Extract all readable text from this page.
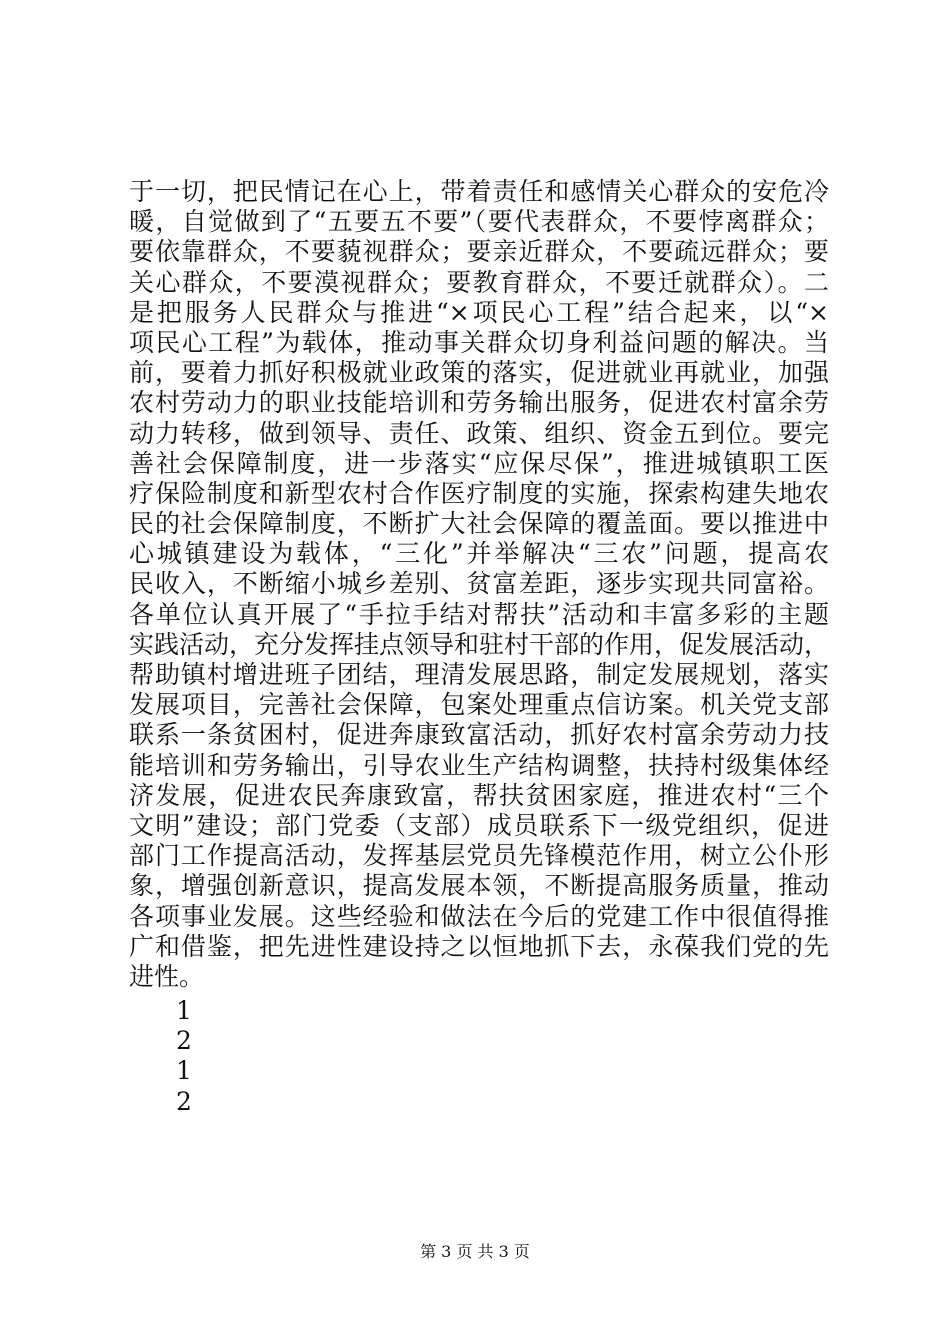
于一切，把民情记在心上，带着责任和感情关心群众的安危冷
暖，自觉做到了“五要五不要”（要代表群众，不要悖离群众；
要依靠群众，不要藐视群众；要亲近群众，不要疏远群众；要
关心群众，不要漠视群众；要教育群众，不要迁就群众）。二
是把服务人民群众与推进“×项民心工程”结合起来，以“×
项民心工程”为载体，推动事关群众切身利益问题的解决。当
前，要着力抓好积极就业政策的落实，促进就业再就业，加强
农村劳动力的职业技能培训和劳务输出服务，促进农村富余劳
动力转移，做到领导、责任、政策、组织、资金五到位。要完
善社会保障制度，进一步落实“应保尽保”，推进城镇职工医
疗保险制度和新型农村合作医疗制度的实施，探索构建失地农
民的社会保障制度，不断扩大社会保障的覆盖面。要以推进中
心城镇建设为载体，“三化”并举解决“三农”问题，提高农
民收入，不断缩小城乡差别、贫富差距，逐步实现共同富裕。
各单位认真开展了“手拉手结对帮扶”活动和丰富多彩的主题
实践活动，充分发挥挂点领导和驻村干部的作用，促发展活动，
帮助镇村增进班子团结，理清发展思路，制定发展规划，落实
发展项目，完善社会保障，包案处理重点信访案。机关党支部
联系一条贫困村，促进奔康致富活动，抓好农村富余劳动力技
能培训和劳务输出，引导农业生产结构调整，扶持村级集体经
济发展，促进农民奔康致富，帮扶贫困家庭，推进农村“三个
文明”建设；部门党委（支部）成员联系下一级党组织，促进
部门工作提高活动，发挥基层党员先锋模范作用，树立公仆形
象，增强创新意识，提高发展本领，不断提高服务质量，推动
各项事业发展。这些经验和做法在今后的党建工作中很值得推
广和借鉴，把先进性建设持之以恒地抓下去，永葆我们党的先
进性。
1
2
1
2
第 3 页 共 3 页
